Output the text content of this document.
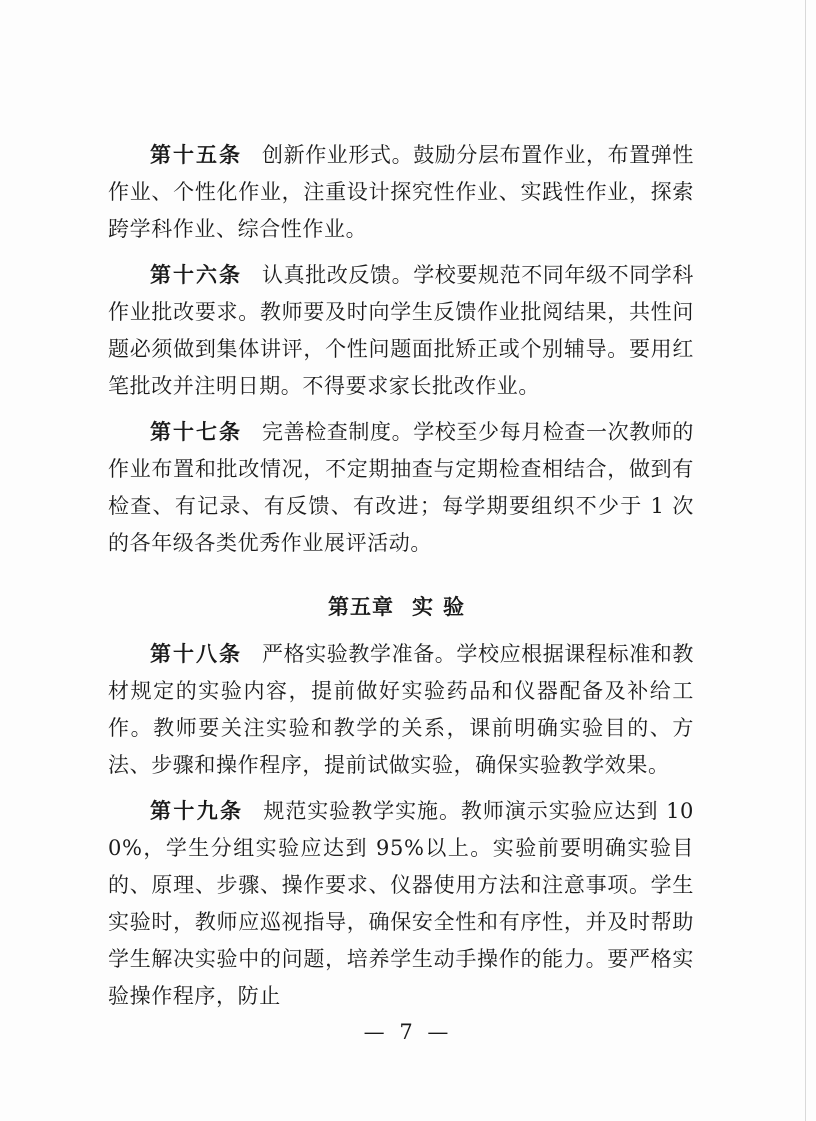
第十五条 创新作业形式。鼓励分层布置作业，布置弹性作业、个性化作业，注重设计探究性作业、实践性作业，探索跨学科作业、综合性作业。

第十六条 认真批改反馈。学校要规范不同年级不同学科作业批改要求。教师要及时向学生反馈作业批阅结果，共性问题必须做到集体讲评，个性问题面批矫正或个别辅导。要用红笔批改并注明日期。不得要求家长批改作业。

第十七条 完善检查制度。学校至少每月检查一次教师的作业布置和批改情况，不定期抽查与定期检查相结合，做到有检查、有记录、有反馈、有改进；每学期要组织不少于 1 次的各年级各类优秀作业展评活动。

第五章 实验

第十八条 严格实验教学准备。学校应根据课程标准和教材规定的实验内容，提前做好实验药品和仪器配备及补给工作。教师要关注实验和教学的关系，课前明确实验目的、方法、步骤和操作程序，提前试做实验，确保实验教学效果。

第十九条 规范实验教学实施。教师演示实验应达到 100%，学生分组实验应达到 95%以上。实验前要明确实验目的、原理、步骤、操作要求、仪器使用方法和注意事项。学生实验时，教师应巡视指导，确保安全性和有序性，并及时帮助学生解决实验中的问题，培养学生动手操作的能力。要严格实验操作程序，防止

— 7 —
